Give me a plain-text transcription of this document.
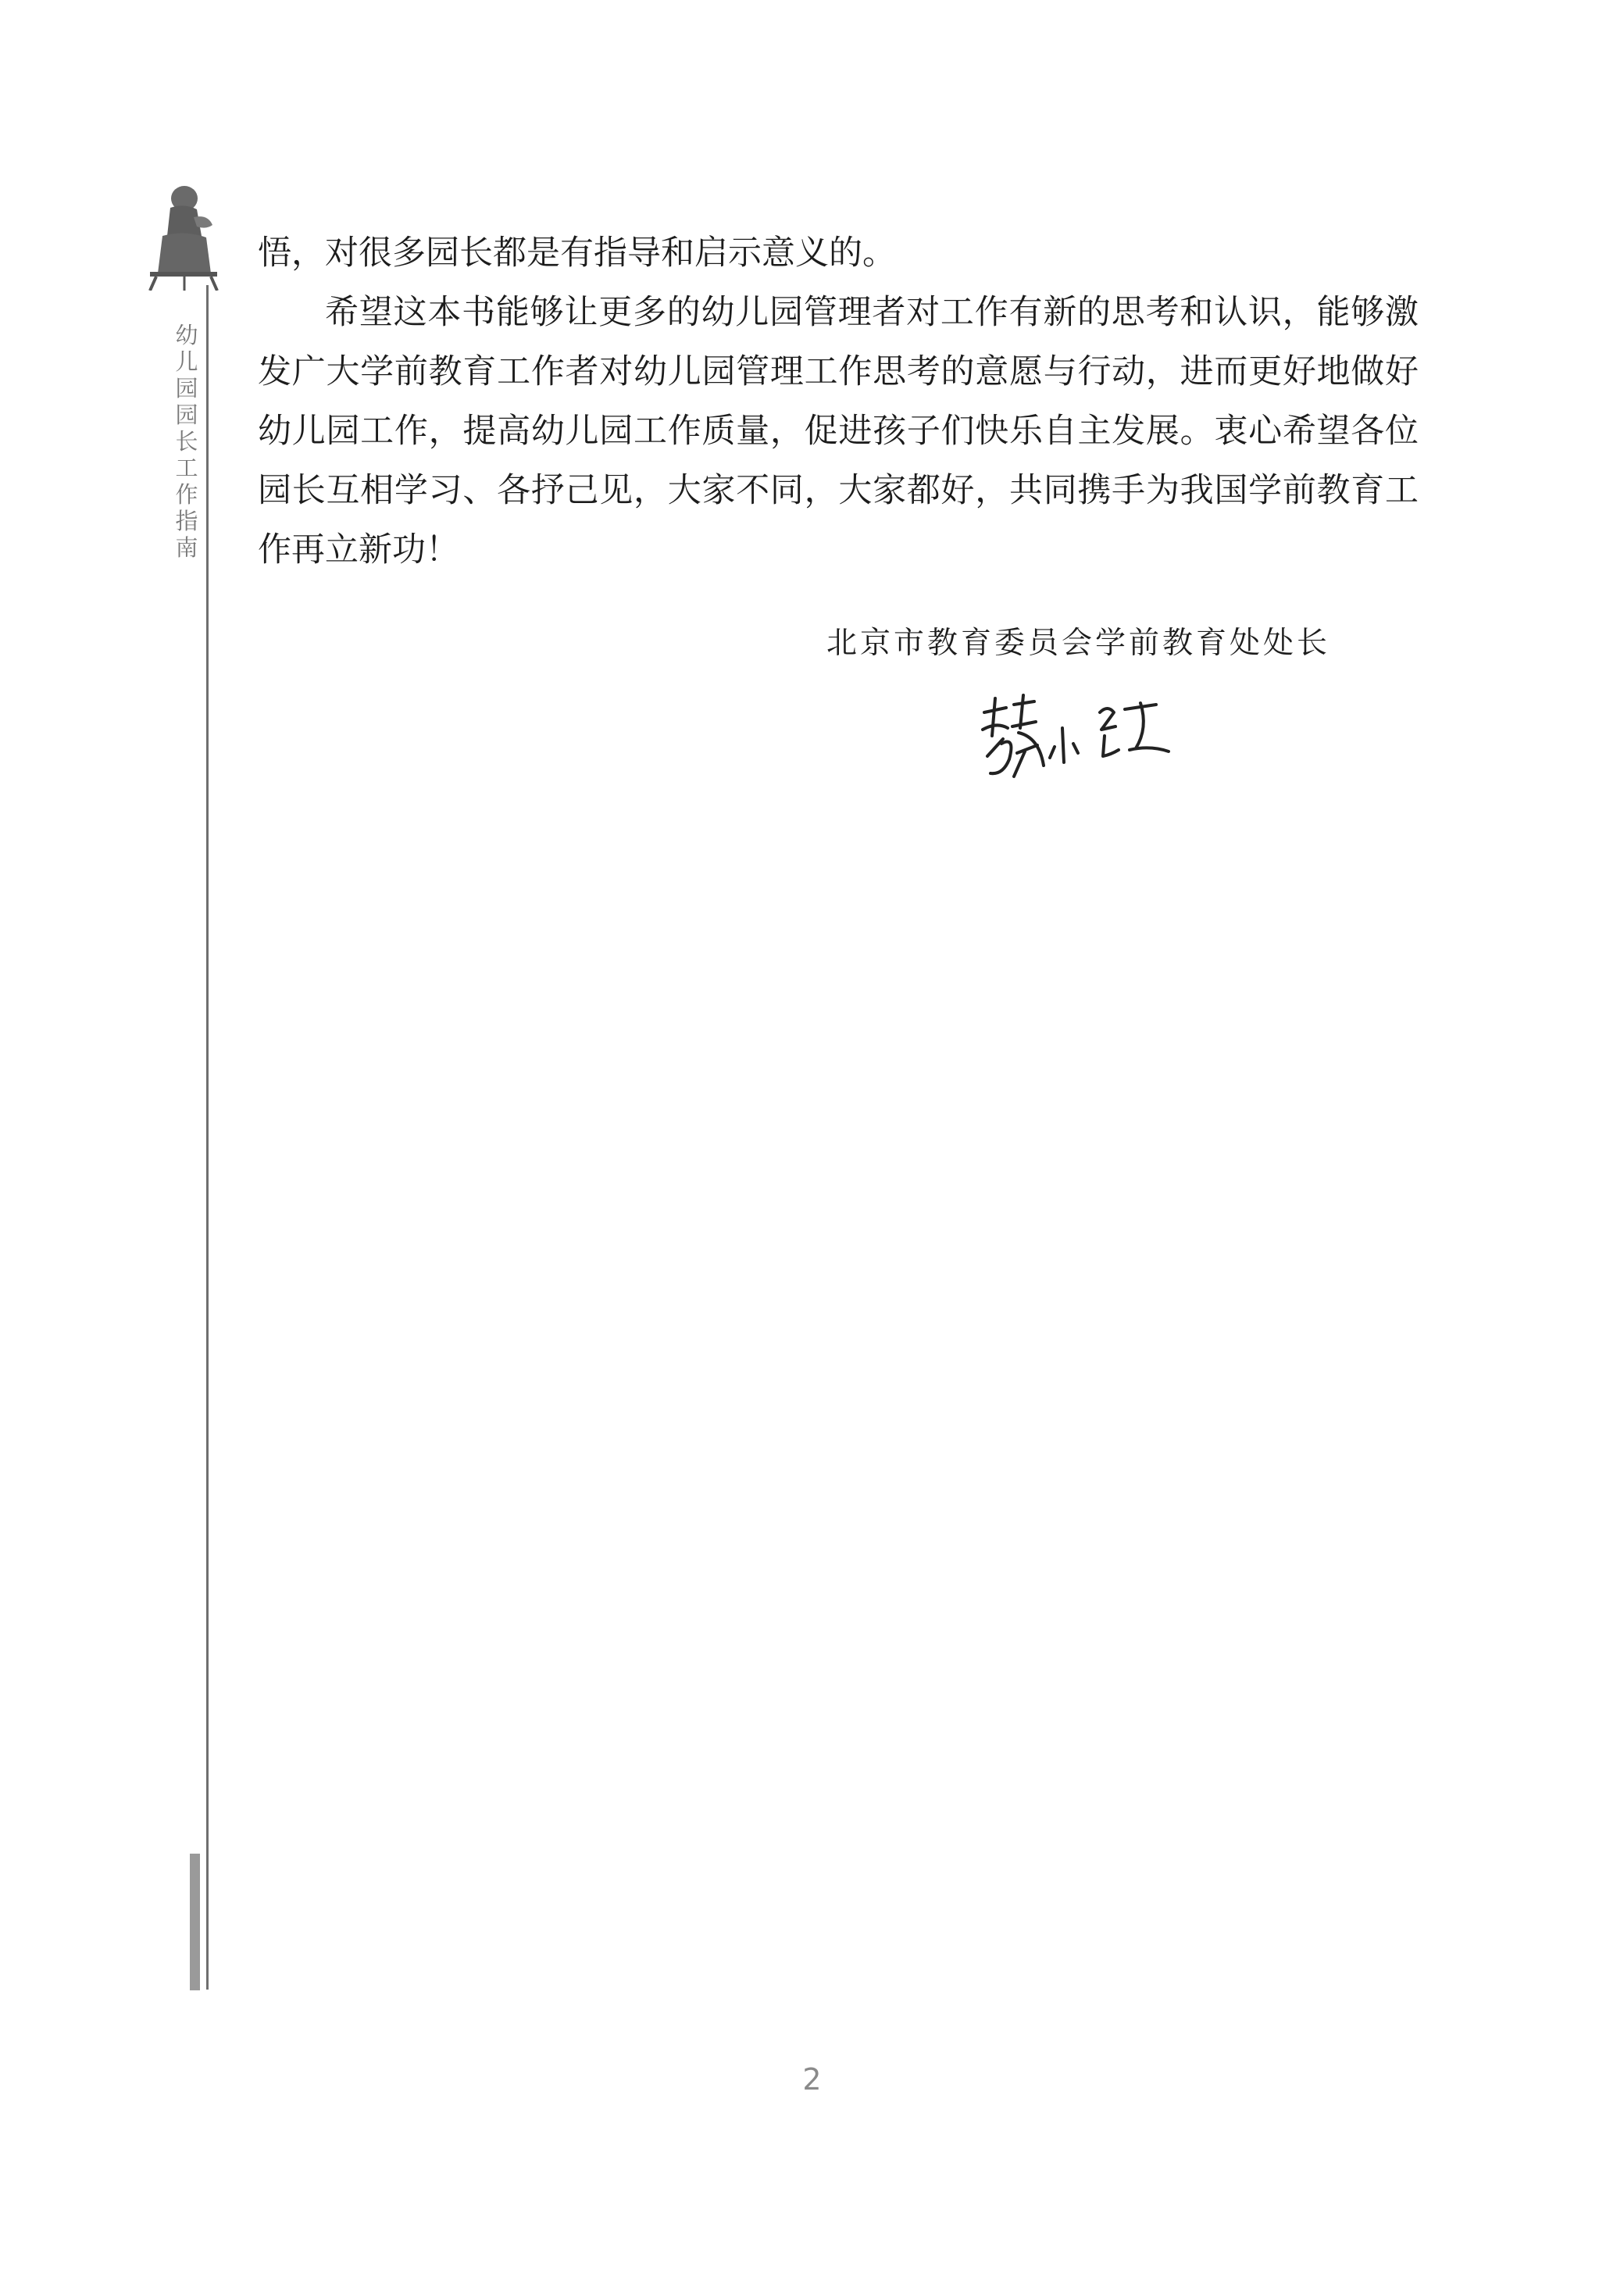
幼儿园园长工作指南

悟，对很多园长都是有指导和启示意义的。

希望这本书能够让更多的幼儿园管理者对工作有新的思考和认识，能够激发广大学前教育工作者对幼儿园管理工作思考的意愿与行动，进而更好地做好幼儿园工作，提高幼儿园工作质量，促进孩子们快乐自主发展。衷心希望各位园长互相学习、各抒己见，大家不同，大家都好，共同携手为我国学前教育工作再立新功！

北京市教育委员会学前教育处处长
2
